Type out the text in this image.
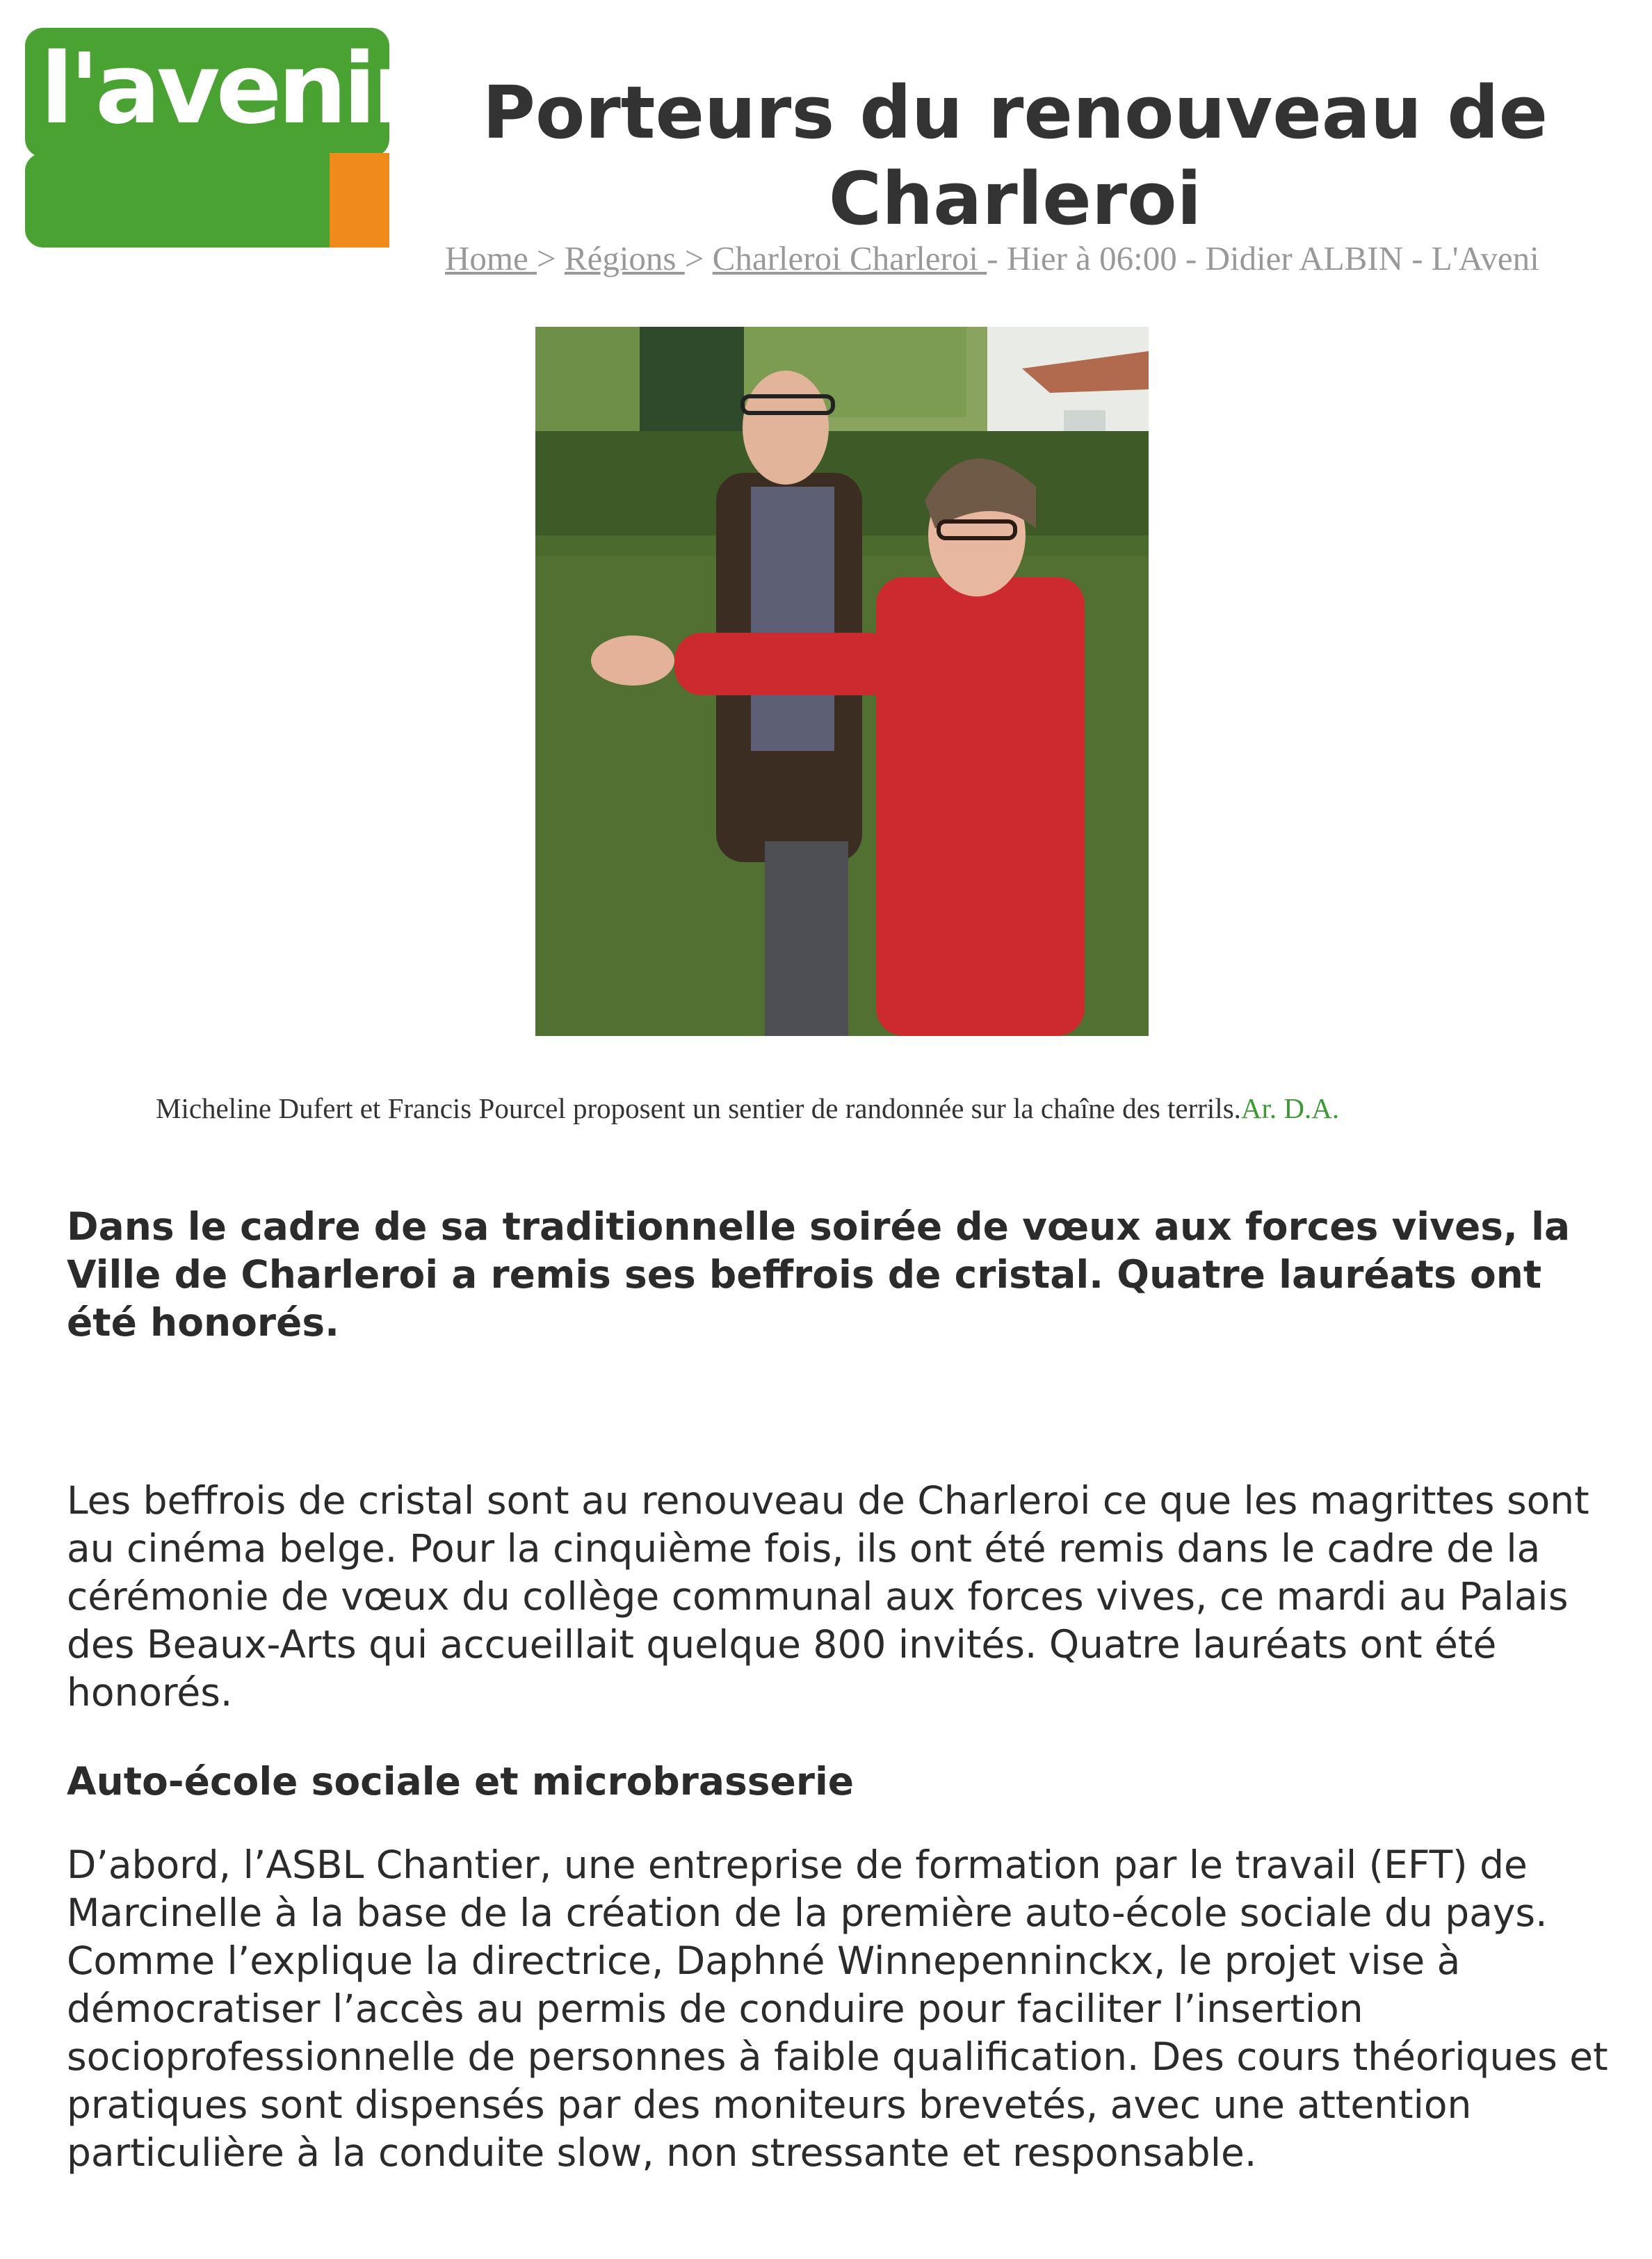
l'avenir
l'avenir.net
Porteurs du renouveau de Charleroi
Home > Régions > Charleroi Charleroi - Hier à 06:00 - Didier ALBIN - L'Aveni
Micheline Dufert et Francis Pourcel proposent un sentier de randonnée sur la chaîne des terrils.Ar. D.A.

Dans le cadre de sa traditionnelle soirée de vœux aux forces vives, la Ville de Charleroi a remis ses beffrois de cristal. Quatre lauréats ont été honorés.

Les beffrois de cristal sont au renouveau de Charleroi ce que les magrittes sont au cinéma belge. Pour la cinquième fois, ils ont été remis dans le cadre de la cérémonie de vœux du collège communal aux forces vives, ce mardi au Palais des Beaux-Arts qui accueillait quelque 800 invités. Quatre lauréats ont été honorés.

Auto-école sociale et microbrasserie

D’abord, l’ASBL Chantier, une entreprise de formation par le travail (EFT) de Marcinelle à la base de la création de la première auto-école sociale du pays. Comme l’explique la directrice, Daphné Winnepenninckx, le projet vise à démocratiser l’accès au permis de conduire pour faciliter l’insertion socioprofessionnelle de personnes à faible qualification. Des cours théoriques et pratiques sont dispensés par des moniteurs brevetés, avec une attention particulière à la conduite slow, non stressante et responsable.
